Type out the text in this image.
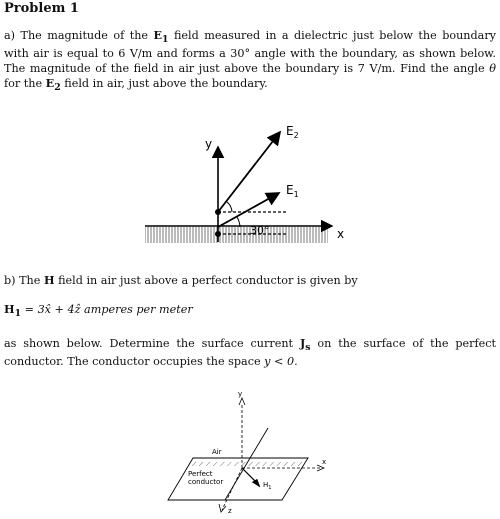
Problem 1
a) The magnitude of the $E_1$ field measured in a dielectric just below the boundary with air is equal to 6 V/m and forms a 30° angle with the boundary, as shown below. The magnitude of the field in air just above the boundary is 7 V/m. Find the angle θ for the $E_2$ field in air, just above the boundary.
y
x
$E_2$
$E_1$
30°
y
x
z
$H_1$
Air
Perfect
conductor
b) The H field in air just above a perfect conductor is given by
$H_1$ = 3x̂ + 4ẑ amperes per meter
as shown below. Determine the surface current $J_s$ on the surface of the perfect conductor. The conductor occupies the space y < 0.
